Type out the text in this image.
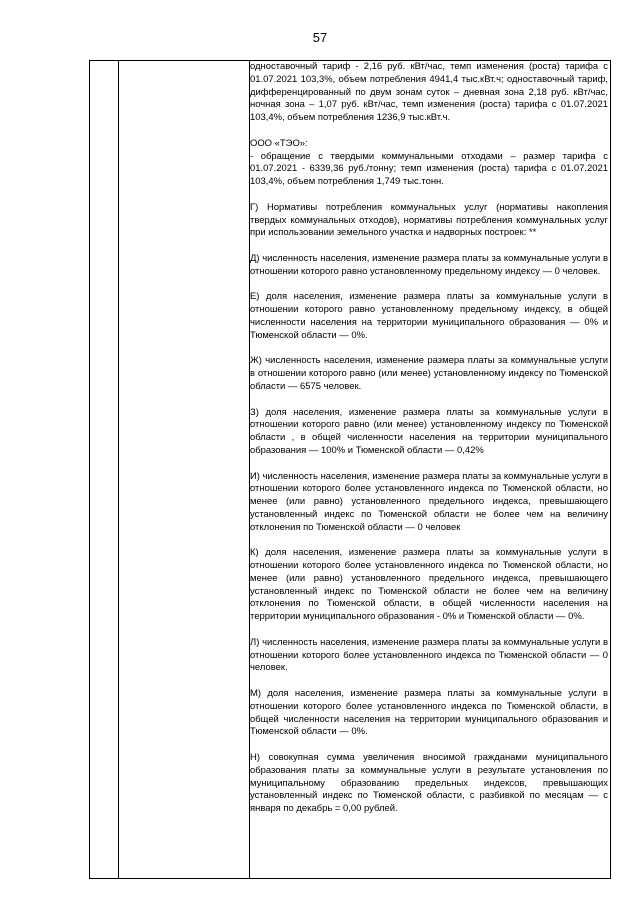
57

одноставочный тариф - 2,16 руб. кВт/час, темп изменения (роста) тарифа с 01.07.2021 103,3%, объем потребления 4941,4 тыс.кВт.ч; одноставочный тариф, дифференцированный по двум зонам суток – дневная зона 2,18 руб. кВт/час, ночная зона – 1,07 руб. кВт/час, темп изменения (роста) тарифа с 01.07.2021 103,4%, объем потребления 1236,9 тыс.кВт.ч.

ООО «ТЭО»:

- обращение с твердыми коммунальными отходами – размер тарифа с 01.07.2021 - 6339,36 руб./тонну; темп изменения (роста) тарифа с 01.07.2021 103,4%, объем потребления 1,749 тыс.тонн.

Г) Нормативы потребления коммунальных услуг (нормативы накопления твердых коммунальных отходов), нормативы потребления коммунальных услуг при использовании земельного участка и надворных построек: **

Д) численность населения, изменение размера платы за коммунальные услуги в отношении которого равно установленному предельному индексу — 0 человек.

Е) доля населения, изменение размера платы за коммунальные услуги в отношении которого равно установленному предельному индексу, в общей численности населения на территории муниципального образования — 0% и Тюменской области — 0%.

Ж) численность населения, изменение размера платы за коммунальные услуги в отношении которого равно (или менее) установленному индексу по Тюменской области — 6575 человек.

З) доля населения, изменение размера платы за коммунальные услуги в отношении которого равно (или менее) установленному индексу по Тюменской области , в общей численности населения на территории муниципального образования — 100% и Тюменской области — 0,42%

И) численность населения, изменение размера платы за коммунальные услуги в отношении которого более установленного индекса по Тюменской области, но менее (или равно) установленного предельного индекса, превышающего установленный индекс по Тюменской области не более чем на величину отклонения по Тюменской области — 0 человек

К) доля населения, изменение размера платы за коммунальные услуги в отношении которого более установленного индекса по Тюменской области, но менее (или равно) установленного предельного индекса, превышающего установленный индекс по Тюменской области не более чем на величину отклонения по Тюменской области, в общей численности населения на территории муниципального образования - 0% и Тюменской области — 0%.

Л) численность населения, изменение размера платы за коммунальные услуги в отношении которого более установленного индекса по Тюменской области — 0 человек.

М) доля населения, изменение размера платы за коммунальные услуги в отношении которого более установленного индекса по Тюменской области, в общей численности населения на территории муниципального образования и Тюменской области — 0%.

Н) совокупная сумма увеличения вносимой гражданами муниципального образования платы за коммунальные услуги в результате установления по муниципальному образованию предельных индексов, превышающих установленный индекс по Тюменской области, с разбивкой по месяцам — с января по декабрь = 0,00 рублей.
